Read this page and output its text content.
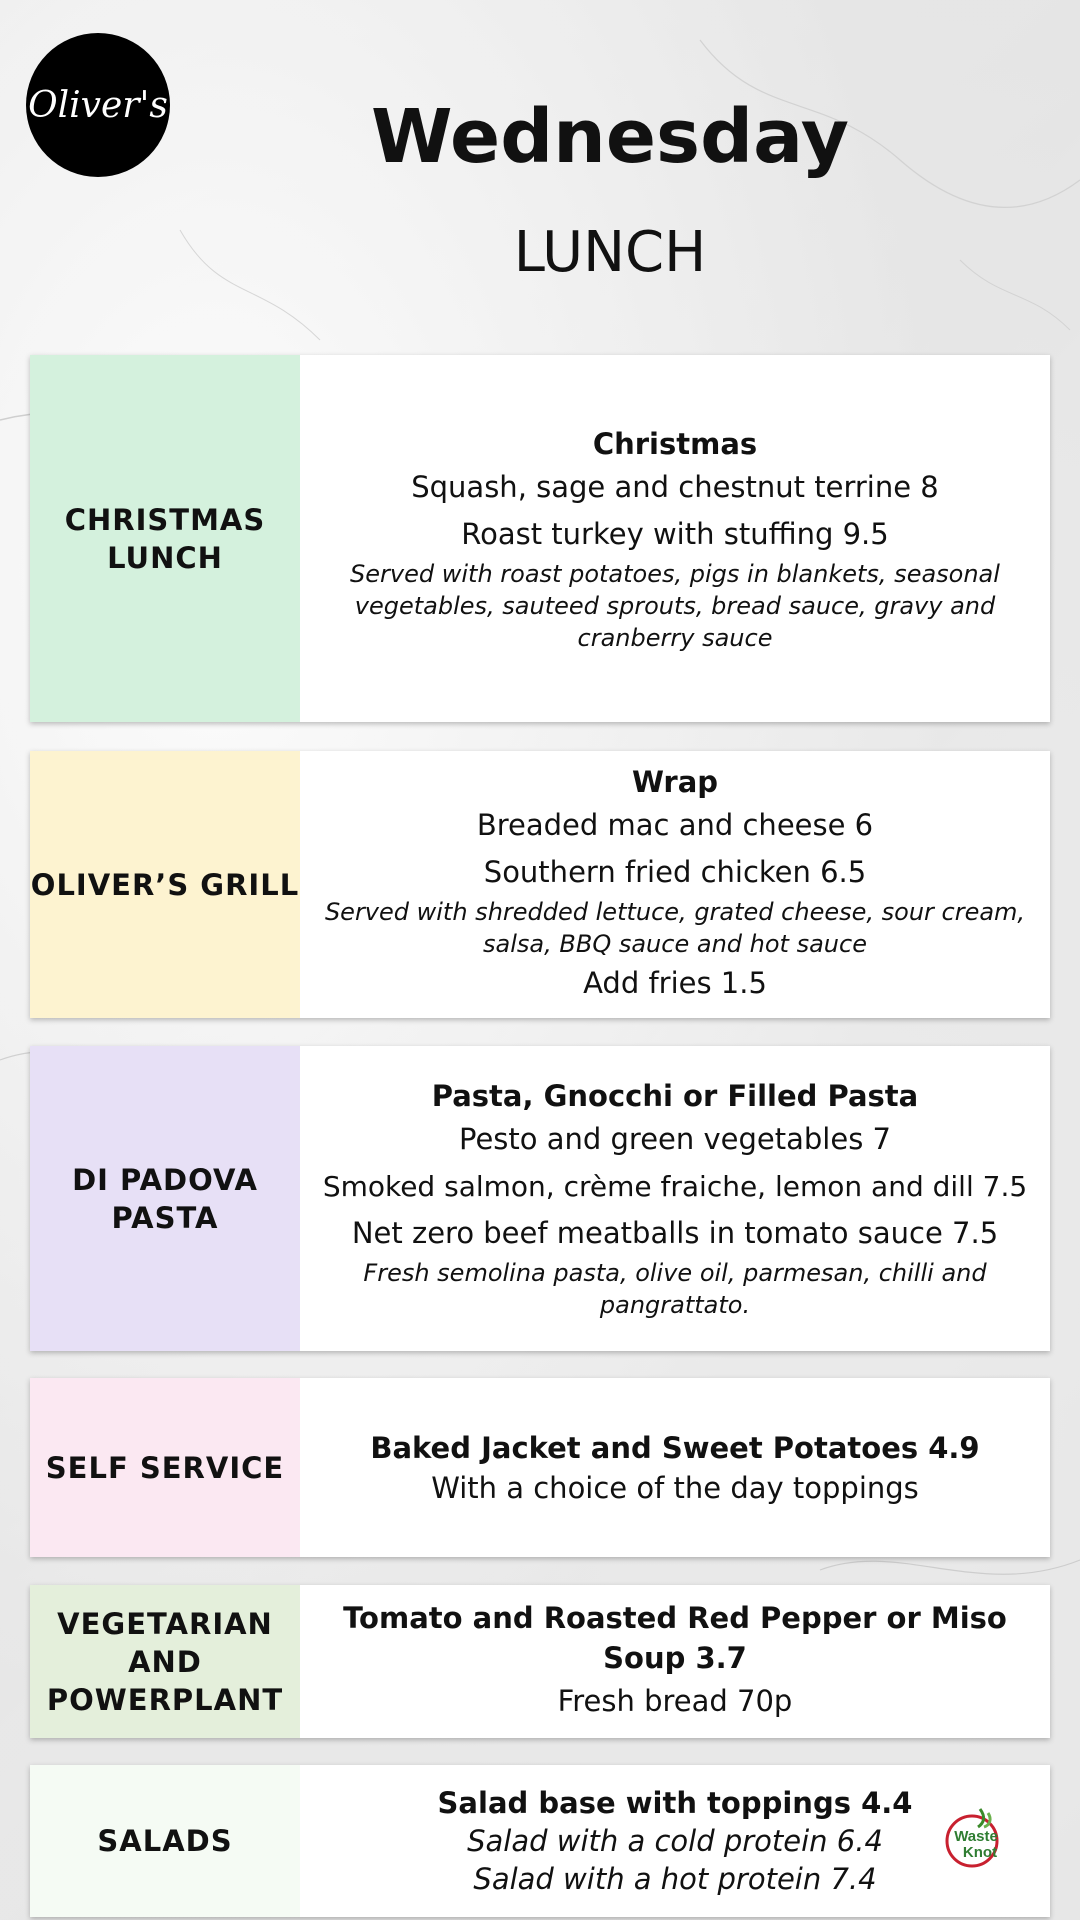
Oliver's	Wednesday
LUNCH
CHRISTMAS
LUNCH
Christmas
Squash, sage and chestnut terrine 8
Roast turkey with stuffing 9.5
Served with roast potatoes, pigs in blankets, seasonal vegetables, sauteed sprouts, bread sauce, gravy and cranberry sauce
OLIVER’S GRILL
Wrap
Breaded mac and cheese 6
Southern fried chicken 6.5
Served with shredded lettuce, grated cheese, sour cream, salsa, BBQ sauce and hot sauce
Add fries 1.5
DI PADOVA
PASTA
Pasta, Gnocchi or Filled Pasta
Pesto and green vegetables 7
Smoked salmon, crème fraiche, lemon and dill 7.5
Net zero beef meatballs in tomato sauce 7.5
Fresh semolina pasta, olive oil, parmesan, chilli and pangrattato.
SELF SERVICE
Baked Jacket and Sweet Potatoes 4.9
With a choice of the day toppings
VEGETARIAN
AND
POWERPLANT
Tomato and Roasted Red Pepper or Miso Soup 3.7
Fresh bread 70p
SALADS
Salad base with toppings 4.4
Salad with a cold protein 6.4
Salad with a hot protein 7.4
Waste
Knot
